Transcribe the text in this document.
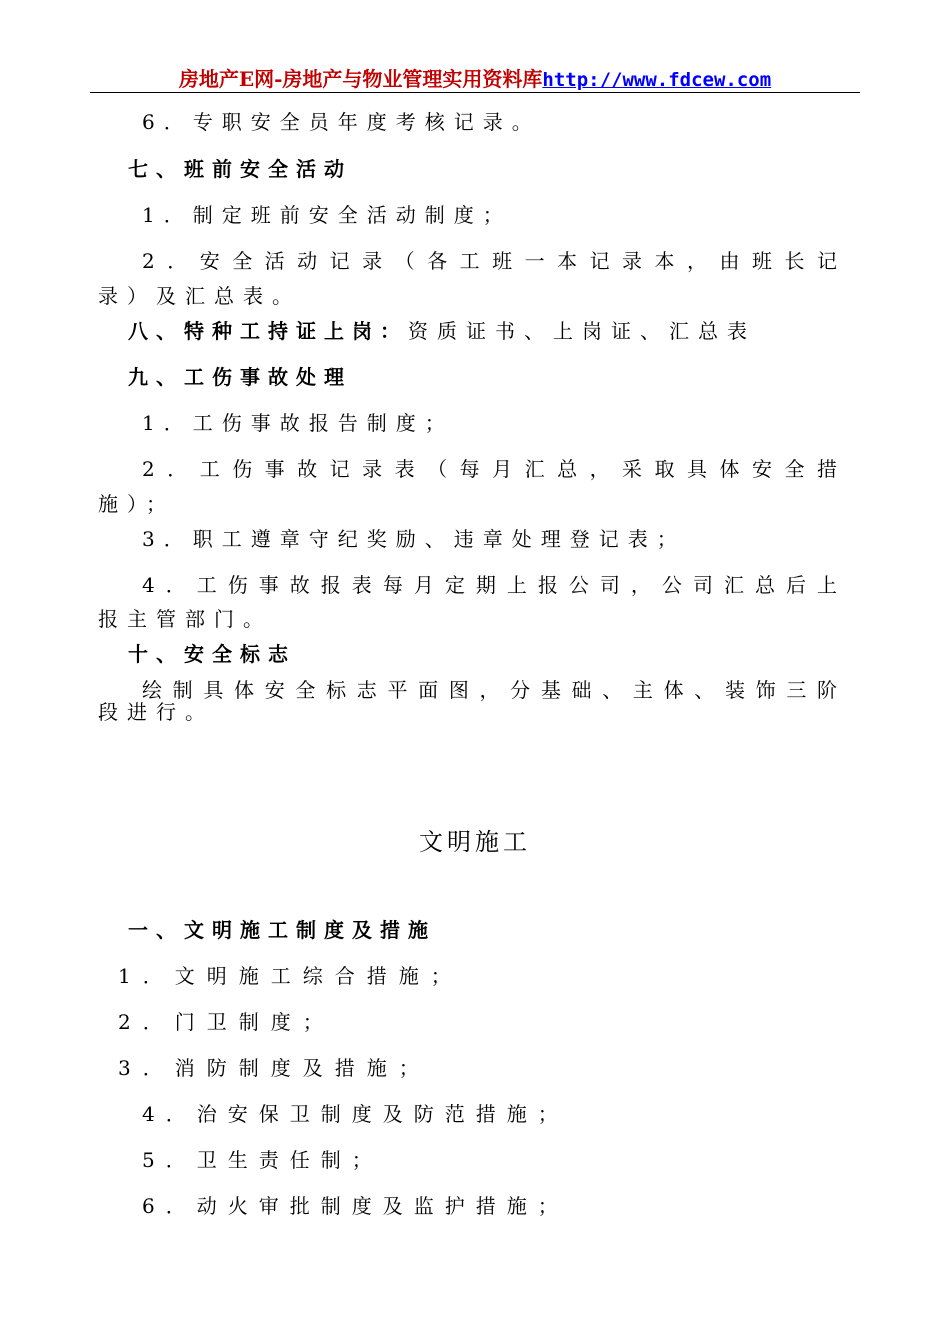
房地产E网-房地产与物业管理实用资料库http://www.fdcew.com

6．专职安全员年度考核记录。

七、班前安全活动

1．制定班前安全活动制度；

2．安全活动记录（各工班一本记录本，由班长记

录）及汇总表。

八、特种工持证上岗：资质证书、上岗证、汇总表

九、工伤事故处理

1．工伤事故报告制度；

2．工伤事故记录表（每月汇总，采取具体安全措

施）；

3．职工遵章守纪奖励、违章处理登记表；

4．工伤事故报表每月定期上报公司，公司汇总后上

报主管部门。

十、安全标志

绘制具体安全标志平面图，分基础、主体、装饰三阶

段进行。

文明施工

一、文明施工制度及措施

1．文明施工综合措施；

2．门卫制度；

3．消防制度及措施；

4．治安保卫制度及防范措施；

5．卫生责任制；

6．动火审批制度及监护措施；
